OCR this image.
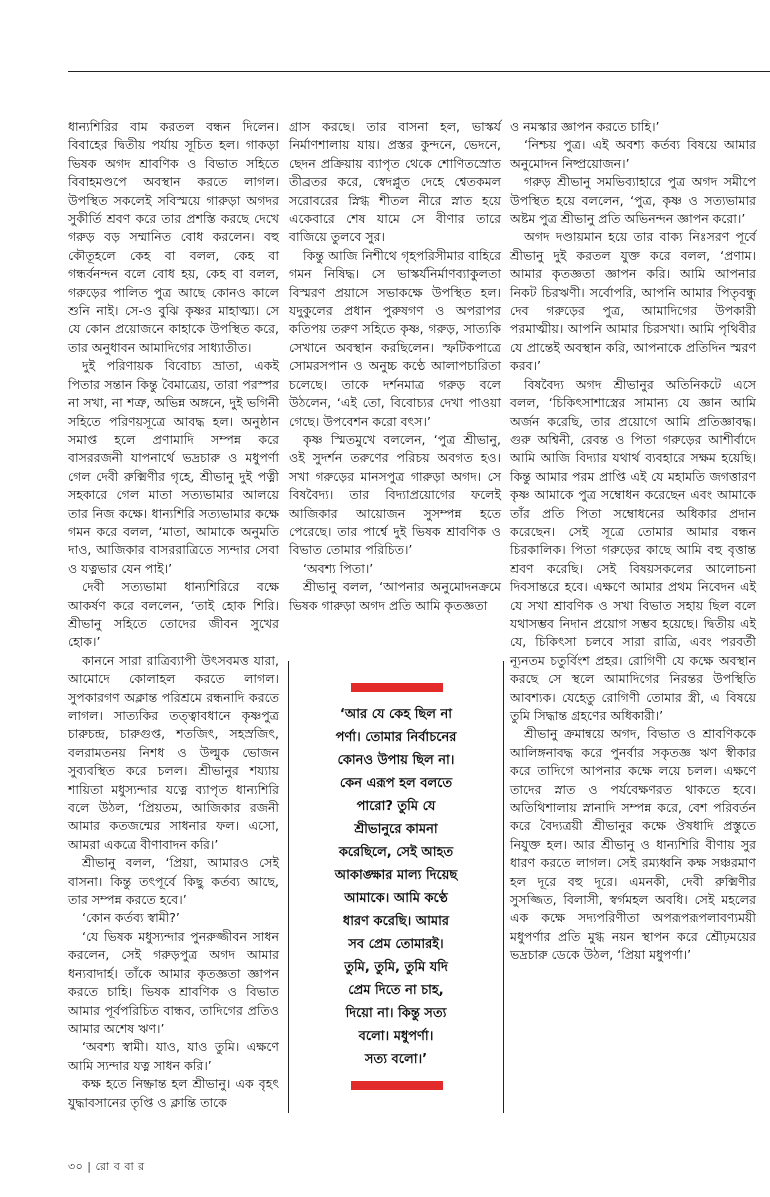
ধান্যশিরির বাম করতল বন্ধন দিলেন। বিবাহের দ্বিতীয় পর্যায় সূচিত হল। গাকড়া ভিষক অগদ শ্রাবণিক ও বিভাত সহিতে বিবাহমণ্ডপে অবস্থান করতে লাগল। উপস্থিত সকলেই সবিস্ময়ে গারুড়া অগদর সুকীর্তি শ্রবণ করে তার প্রশস্তি করছে দেখে গরুড় বড় সম্মানিত বোধ করলেন। বহু কৌতূহলে কেহ বা বলল, কেহ বা গন্ধর্বনন্দন বলে বোধ হয়, কেহ বা বলল, গরুড়ের পালিত পুত্র আছে কোনও কালে শুনি নাই। সে-ও বুঝি কৃষ্ণর মাহাত্ম্য। সে যে কোন প্রয়োজনে কাহাকে উপস্থিত করে, তার অনুধাবন আমাদিগের সাধ্যাতীত।

দুই পরিণায়ক বিবোচ্য ভ্রাতা, একই পিতার সন্তান কিন্তু বৈমাত্রেয়, তারা পরস্পর না সখা, না শত্রু, অভিন্ন অঙ্গনে, দুই ভগিনী সহিতে পরিণয়সূত্রে আবদ্ধ হল। অনুষ্ঠান সমাপ্ত হলে প্রণামাদি সম্পন্ন করে বাসররজনী যাপনার্থে ভদ্রচারু ও মধুপর্ণা গেল দেবী রুক্মিণীর গৃহে, শ্রীভানু দুই পত্নী সহকারে গেল মাতা সত্যভামার আলয়ে তার নিজ কক্ষে। ধান্যশিরি সত্যভামার কক্ষে গমন করে বলল, ‘মাতা, আমাকে অনুমতি দাও, আজিকার বাসররাত্রিতে স্যন্দার সেবা ও যত্নভার যেন পাই।’

দেবী সত্যভামা ধান্যশিরিরে বক্ষে আকর্ষণ করে বললেন, ‘তাই হোক শিরি। শ্রীভানু সহিতে তোদের জীবন সুখের হোক।’

কাননে সারা রাত্রিব্যাপী উৎসবমত্ত যারা, আমোদে কোলাহল করতে লাগল। সুপকারগণ অক্লান্ত পরিশ্রমে রন্ধনাদি করতে লাগল। সাত্যকির তত্ত্বাবধানে কৃষ্ণপুত্র চারুচন্দ্র, চারুগুপ্ত, শতজিৎ, সহস্রজিৎ, বলরামতনয় নিশধ ও উল্মুক ভোজন সুব্যবস্থিত করে চলল। শ্রীভানুর শয্যায় শায়িতা মধুস্যন্দার যত্নে ব্যাপৃত ধান্যশিরি বলে উঠল, ‘প্রিয়তম, আজিকার রজনী আমার কতজন্মের সাধনার ফল। এসো, আমরা একত্রে বীণাবাদন করি।’

শ্রীভানু বলল, ‘প্রিয়া, আমারও সেই বাসনা। কিন্তু তৎপূর্বে কিছু কর্তব্য আছে, তার সম্পন্ন করতে হবে।’

‘কোন কর্তব্য স্বামী?’

‘যে ভিষক মধুস্যন্দার পুনরুজ্জীবন সাধন করলেন, সেই গরুড়পুত্র অগদ আমার ধন্যবাদার্হ। তাঁকে আমার কৃতজ্ঞতা জ্ঞাপন করতে চাহি। ভিষক শ্রাবণিক ও বিভাত আমার পূর্বপরিচিত বান্ধব, তাদিগের প্রতিও আমার অশেষ ঋণ।’

‘অবশ্য স্বামী। যাও, যাও তুমি। এক্ষণে আমি স্যন্দার যত্ন সাধন করি।’

কক্ষ হতে নিষ্ক্রান্ত হল শ্রীভানু। এক বৃহৎ যুদ্ধাবসানের তৃপ্তি ও ক্লান্তি তাকে

গ্রাস করছে। তার বাসনা হল, ভাস্কর্য নির্মাণশালায় যায়। প্রস্তর কুন্দনে, ভেদনে, ছেদন প্রক্রিয়ায় ব্যাপৃত থেকে শোণিতস্রোত তীব্রতর করে, স্বেদপ্লুত দেহে শ্বেতকমল সরোবরের স্নিগ্ধ শীতল নীরে স্নাত হয়ে একেবারে শেষ যামে সে বীণার তারে বাজিয়ে তুলবে সুর।

কিন্তু আজি নিশীথে গৃহপরিসীমার বাহিরে গমন নিষিদ্ধ। সে ভাস্কর্যনির্মাণব্যাকুলতা বিস্মরণ প্রয়াসে সভাকক্ষে উপস্থিত হল। যদুকুলের প্রধান পুরুষগণ ও অপরাপর কতিপয় তরুণ সহিতে কৃষ্ণ, গরুড়, সাত্যকি সেখানে অবস্থান করছিলেন। স্ফটিকপাত্রে সোমরসপান ও অনুচ্চ কণ্ঠে আলাপচারিতা চলেছে। তাকে দর্শনমাত্র গরুড় বলে উঠলেন, ‘এই তো, বিবোচ্যর দেখা পাওয়া গেছে। উপবেশন করো বৎস।’

কৃষ্ণ স্মিতমুখে বললেন, ‘পুত্র শ্রীভানু, ওই সুদর্শন তরুণের পরিচয় অবগত হও। সখা গরুড়ের মানসপুত্র গারুড়া অগদ। সে বিষবৈদ্য। তার বিদ্যাপ্রয়োগের ফলেই আজিকার আয়োজন সুসম্পন্ন হতে পেরেছে। তার পার্শ্বে দুই ভিষক শ্রাবণিক ও বিভাত তোমার পরিচিত।’

‘অবশ্য পিতা।’

শ্রীভানু বলল, ‘আপনার অনুমোদনক্রমে ভিষক গারুড়া অগদ প্রতি আমি কৃতজ্ঞতা

‘আর যে কেহ ছিল না
পর্ণা। তোমার নির্বাচনের
কোনও উপায় ছিল না।
কেন এরূপ হল বলতে
পারো? তুমি যে
শ্রীভানুরে কামনা
করেছিলে, সেই আহত
আকাঙ্ক্ষার মাল্য দিয়েছ
আমাকে। আমি কণ্ঠে
ধারণ করেছি। আমার
সব প্রেম তোমারই।
তুমি, তুমি, তুমি যদি
প্রেম দিতে না চাহ,
দিয়ো না। কিন্তু সত্য
বলো। মধুপর্ণা।
সত্য বলো।’

ও নমস্কার জ্ঞাপন করতে চাহি।’

‘নিশ্চয় পুত্র। এই অবশ্য কর্তব্য বিষয়ে আমার অনুমোদন নিষ্প্রয়োজন।’

গরুড় শ্রীভানু সমভিব্যাহারে পুত্র অগদ সমীপে উপস্থিত হয়ে বললেন, ‘পুত্র, কৃষ্ণ ও সত্যভামার অষ্টম পুত্র শ্রীভানু প্রতি অভিনন্দন জ্ঞাপন করো।’

অগদ দণ্ডায়মান হয়ে তার বাক্য নিঃসরণ পূর্বে শ্রীভানু দুই করতল যুক্ত করে বলল, ‘প্রণাম। আমার কৃতজ্ঞতা জ্ঞাপন করি। আমি আপনার নিকট চিরঋণী। সর্বোপরি, আপনি আমার পিতৃবন্ধু দেব গরুড়ের পুত্র, আমাদিগের উপকারী পরমাত্মীয়। আপনি আমার চিরসখা। আমি পৃথিবীর যে প্রান্তেই অবস্থান করি, আপনাকে প্রতিদিন স্মরণ করব।’

বিষবৈদ্য অগদ শ্রীভানুর অতিনিকটে এসে বলল, ‘চিকিৎসাশাস্ত্রের সামান্য যে জ্ঞান আমি অর্জন করেছি, তার প্রয়োগে আমি প্রতিজ্ঞাবদ্ধ। গুরু অশ্বিনী, রেবন্ত ও পিতা গরুড়ের আশীর্বাদে আমি আজি বিদ্যার যথার্থ ব্যবহারে সক্ষম হয়েছি। কিন্তু আমার পরম প্রাপ্তি এই যে মহামতি জগত্তারণ কৃষ্ণ আমাকে পুত্র সম্বোধন করেছেন এবং আমাকে তাঁর প্রতি পিতা সম্বোধনের অধিকার প্রদান করেছেন। সেই সূত্রে তোমার আমার বন্ধন চিরকালিক। পিতা গরুড়ের কাছে আমি বহু বৃত্তান্ত শ্রবণ করেছি। সেই বিষয়সকলের আলোচনা দিবসান্তরে হবে। এক্ষণে আমার প্রথম নিবেদন এই যে সখা শ্রাবণিক ও সখা বিভাত সহায় ছিল বলে যথাসম্ভব নিদান প্রয়োগ সম্ভব হয়েছে। দ্বিতীয় এই যে, চিকিৎসা চলবে সারা রাত্রি, এবং পরবর্তী ন্যূনতম চতুর্বিংশ প্রহর। রোগিণী যে কক্ষে অবস্থান করছে সে স্থলে আমাদিগের নিরন্তর উপস্থিতি আবশ্যক। যেহেতু রোগিণী তোমার স্ত্রী, এ বিষয়ে তুমি সিদ্ধান্ত গ্রহণের অধিকারী।’

শ্রীভানু ক্রমান্বয়ে অগদ, বিভাত ও শ্রাবণিককে আলিঙ্গনাবদ্ধ করে পুনর্বার সকৃতজ্ঞ ঋণ স্বীকার করে তাদিগে আপনার কক্ষে লয়ে চলল। এক্ষণে তাদের স্নাত ও পর্যবেক্ষণরত থাকতে হবে। অতিথিশালায় স্নানাদি সম্পন্ন করে, বেশ পরিবর্তন করে বৈদ্যত্রয়ী শ্রীভানুর কক্ষে ঔষধাদি প্রস্তুতে নিযুক্ত হল। আর শ্রীভানু ও ধান্যশিরি বীণায় সুর ধারণ করতে লাগল। সেই রম্যধ্বনি কক্ষ সঞ্চরমাণ হল দূরে বহু দূরে। এমনকী, দেবী রুক্মিণীর সুসজ্জিত, বিলাসী, স্বর্গমহল অবধি। সেই মহলের এক কক্ষে সদ্যপরিণীতা অপরূপরূপলাবণ্যময়ী মধুপর্ণার প্রতি মুগ্ধ নয়ন স্থাপন করে শ্রৌঢ়ময়ের ভদ্রচারু ডেকে উঠল, ‘প্রিয়া মধুপর্ণা।’

৩০ | রো ব বা র
